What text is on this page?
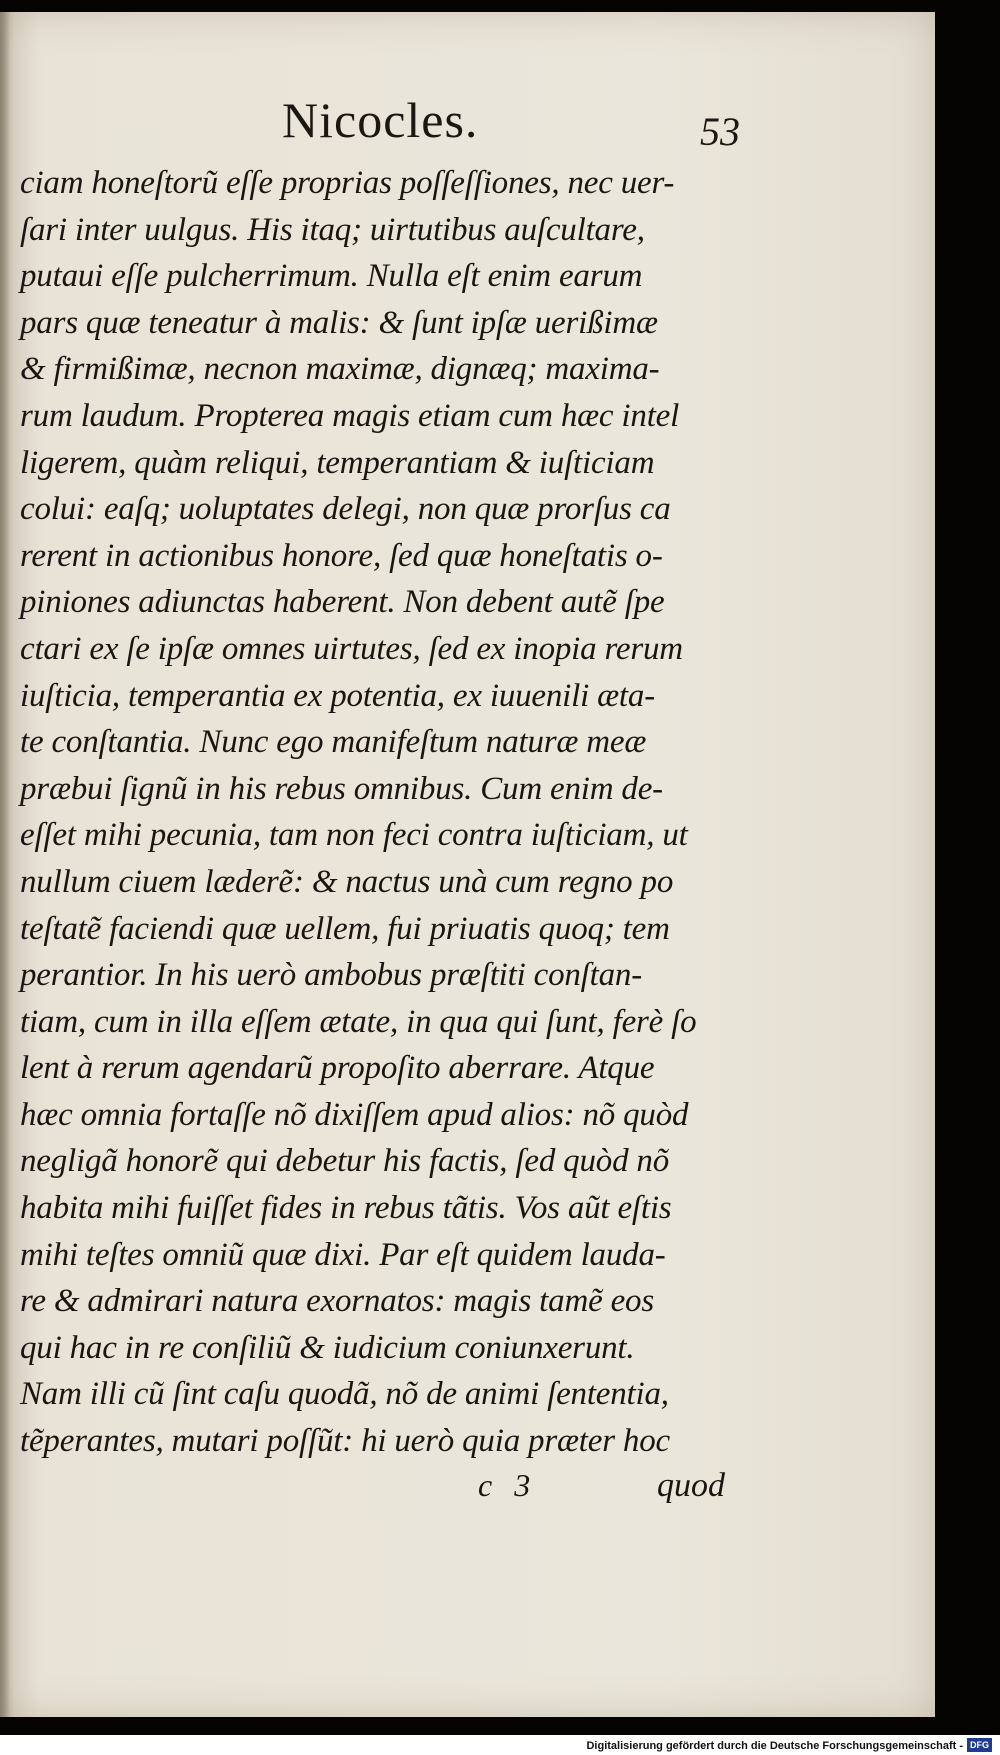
Nicocles.	53
ciam honeſtorũ eſſe proprias poſſeſſiones, nec uer-
ſari inter uulgus. His itaq; uirtutibus auſcultare,
putaui eſſe pulcherrimum. Nulla eſt enim earum
pars quæ teneatur à malis: & ſunt ipſæ uerißimæ
& firmißimæ, necnon maximæ, dignæq; maxima-
rum laudum. Propterea magis etiam cum hæc intel
ligerem, quàm reliqui, temperantiam & iuſticiam
colui: eaſq; uoluptates delegi, non quæ prorſus ca
rerent in actionibus honore, ſed quæ honeſtatis o-
piniones adiunctas haberent. Non debent autẽ ſpe
ctari ex ſe ipſæ omnes uirtutes, ſed ex inopia rerum
iuſticia, temperantia ex potentia, ex iuuenili æta-
te conſtantia. Nunc ego manifeſtum naturæ meæ
præbui ſignũ in his rebus omnibus. Cum enim de-
eſſet mihi pecunia, tam non feci contra iuſticiam, ut
nullum ciuem læderẽ: & nactus unà cum regno po
teſtatẽ faciendi quæ uellem, fui priuatis quoq; tem
perantior. In his uerò ambobus præſtiti conſtan-
tiam, cum in illa eſſem ætate, in qua qui ſunt, ferè ſo
lent à rerum agendarũ propoſito aberrare. Atque
hæc omnia fortaſſe nõ dixiſſem apud alios: nõ quòd
negligã honorẽ qui debetur his factis, ſed quòd nõ
habita mihi fuiſſet fides in rebus tãtis. Vos aũt eſtis
mihi teſtes omniũ quæ dixi. Par eſt quidem lauda-
re & admirari natura exornatos: magis tamẽ eos
qui hac in re conſiliũ & iudicium coniunxerunt.
Nam illi cũ ſint caſu quodã, nõ de animi ſententia,
tẽperantes, mutari poſſũt: hi uerò quia præter hoc
c 3	quod
Digitalisierung gefördert durch die Deutsche Forschungsgemeinschaft - DFG
